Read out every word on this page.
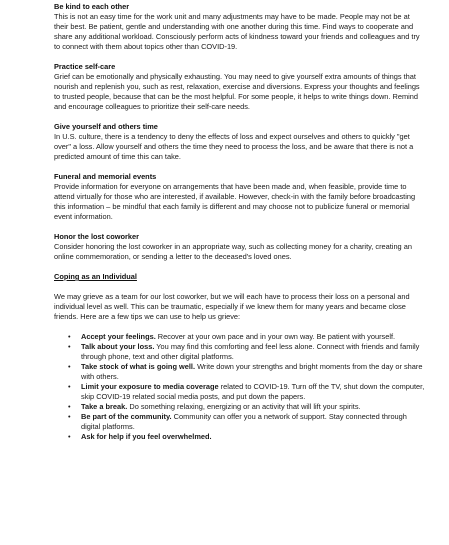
Be kind to each other

This is not an easy time for the work unit and many adjustments may have to be made. People may not be at their best. Be patient, gentle and understanding with one another during this time. Find ways to cooperate and share any additional workload. Consciously perform acts of kindness toward your friends and colleagues and try to connect with them about topics other than COVID-19.

Practice self-care

Grief can be emotionally and physically exhausting. You may need to give yourself extra amounts of things that nourish and replenish you, such as rest, relaxation, exercise and diversions. Express your thoughts and feelings to trusted people, because that can be the most helpful. For some people, it helps to write things down. Remind and encourage colleagues to prioritize their self-care needs.

Give yourself and others time

In U.S. culture, there is a tendency to deny the effects of loss and expect ourselves and others to quickly "get over" a loss. Allow yourself and others the time they need to process the loss, and be aware that there is not a predicted amount of time this can take.

Funeral and memorial events

Provide information for everyone on arrangements that have been made and, when feasible, provide time to attend virtually for those who are interested, if available. However, check-in with the family before broadcasting this information – be mindful that each family is different and may choose not to publicize funeral or memorial event information.

Honor the lost coworker

Consider honoring the lost coworker in an appropriate way, such as collecting money for a charity, creating an online commemoration, or sending a letter to the deceased's loved ones.

Coping as an Individual

We may grieve as a team for our lost coworker, but we will each have to process their loss on a personal and individual level as well. This can be traumatic, especially if we knew them for many years and became close friends. Here are a few tips we can use to help us grieve:

• Accept your feelings. Recover at your own pace and in your own way. Be patient with yourself.
• Talk about your loss. You may find this comforting and feel less alone. Connect with friends and family through phone, text and other digital platforms.
• Take stock of what is going well. Write down your strengths and bright moments from the day or share with others.
• Limit your exposure to media coverage related to COVID-19. Turn off the TV, shut down the computer, skip COVID-19 related social media posts, and put down the papers.
• Take a break. Do something relaxing, energizing or an activity that will lift your spirits.
• Be part of the community. Community can offer you a network of support. Stay connected through digital platforms.
• Ask for help if you feel overwhelmed.
